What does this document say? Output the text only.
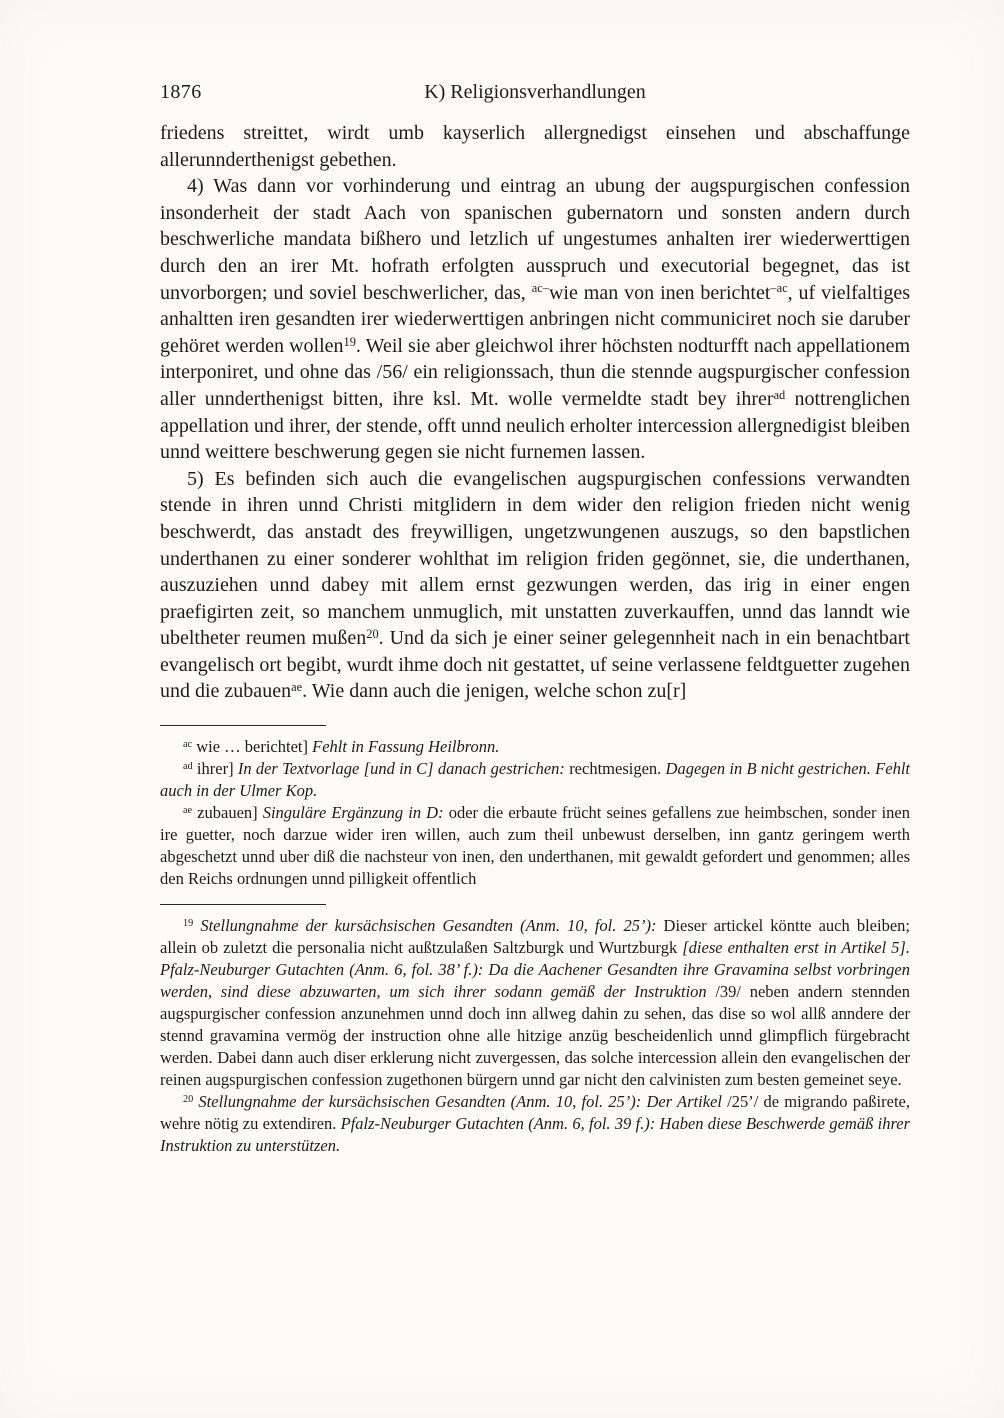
1876	K) Religionsverhandlungen

friedens streittet, wirdt umb kayserlich allergnedigst einsehen und abschaffunge allerunnderthenigst gebethen.

4) Was dann vor vorhinderung und eintrag an ubung der augspurgischen confession insonderheit der stadt Aach von spanischen gubernatorn und sonsten andern durch beschwerliche mandata bißhero und letzlich uf ungestumes anhalten irer wiederwerttigen durch den an irer Mt. hofrath erfolgten ausspruch und executorial begegnet, das ist unvorborgen; und soviel beschwerlicher, das, $^{ac-}$wie man von inen berichtet$^{-ac}$, uf vielfaltiges anhaltten iren gesandten irer wiederwerttigen anbringen nicht communiciret noch sie daruber gehöret werden wollen$^{19}$. Weil sie aber gleichwol ihrer höchsten nodturfft nach appellationem interponiret, und ohne das /56/ ein religionssach, thun die stennde augspurgischer confession aller unnderthenigst bitten, ihre ksl. Mt. wolle vermeldte stadt bey ihrer$^{ad}$ nottrenglichen appellation und ihrer, der stende, offt unnd neulich erholter intercession allergnedigist bleiben unnd weittere beschwerung gegen sie nicht furnemen lassen.

5) Es befinden sich auch die evangelischen augspurgischen confessions verwandten stende in ihren unnd Christi mitglidern in dem wider den religion frieden nicht wenig beschwerdt, das anstadt des freywilligen, ungetzwungenen auszugs, so den bapstlichen underthanen zu einer sonderer wohlthat im religion friden gegönnet, sie, die underthanen, auszuziehen unnd dabey mit allem ernst gezwungen werden, das irig in einer engen praefigirten zeit, so manchem unmuglich, mit unstatten zuverkauffen, unnd das lanndt wie ubeltheter reumen mußen$^{20}$. Und da sich je einer seiner gelegennheit nach in ein benachtbart evangelisch ort begibt, wurdt ihme doch nit gestattet, uf seine verlassene feldtguetter zugehen und die zubauen$^{ae}$. Wie dann auch die jenigen, welche schon zu[r]

$^{ac}$ wie … berichtet] Fehlt in Fassung Heilbronn.

$^{ad}$ ihrer] In der Textvorlage [und in C] danach gestrichen: rechtmesigen. Dagegen in B nicht gestrichen. Fehlt auch in der Ulmer Kop.

$^{ae}$ zubauen] Singuläre Ergänzung in D: oder die erbaute frücht seines gefallens zue heimbschen, sonder inen ire guetter, noch darzue wider iren willen, auch zum theil unbewust derselben, inn gantz geringem werth abgeschetzt unnd uber diß die nachsteur von inen, den underthanen, mit gewaldt gefordert und genommen; alles den Reichs ordnungen unnd pilligkeit offentlich

$^{19}$ Stellungnahme der kursächsischen Gesandten (Anm. 10, fol. 25’): Dieser artickel köntte auch bleiben; allein ob zuletzt die personalia nicht außtzulaßen Saltzburgk und Wurtzburgk [diese enthalten erst in Artikel 5]. Pfalz-Neuburger Gutachten (Anm. 6, fol. 38’ f.): Da die Aachener Gesandten ihre Gravamina selbst vorbringen werden, sind diese abzuwarten, um sich ihrer sodann gemäß der Instruktion /39/ neben andern stennden augspurgischer confession anzunehmen unnd doch inn allweg dahin zu sehen, das dise so wol allß anndere der stennd gravamina vermög der instruction ohne alle hitzige anzüg bescheidenlich unnd glimpflich fürgebracht werden. Dabei dann auch diser erklerung nicht zuvergessen, das solche intercession allein den evangelischen der reinen augspurgischen confession zugethonen bürgern unnd gar nicht den calvinisten zum besten gemeinet seye.

$^{20}$ Stellungnahme der kursächsischen Gesandten (Anm. 10, fol. 25’): Der Artikel /25’/ de migrando paßirete, wehre nötig zu extendiren. Pfalz-Neuburger Gutachten (Anm. 6, fol. 39 f.): Haben diese Beschwerde gemäß ihrer Instruktion zu unterstützen.
